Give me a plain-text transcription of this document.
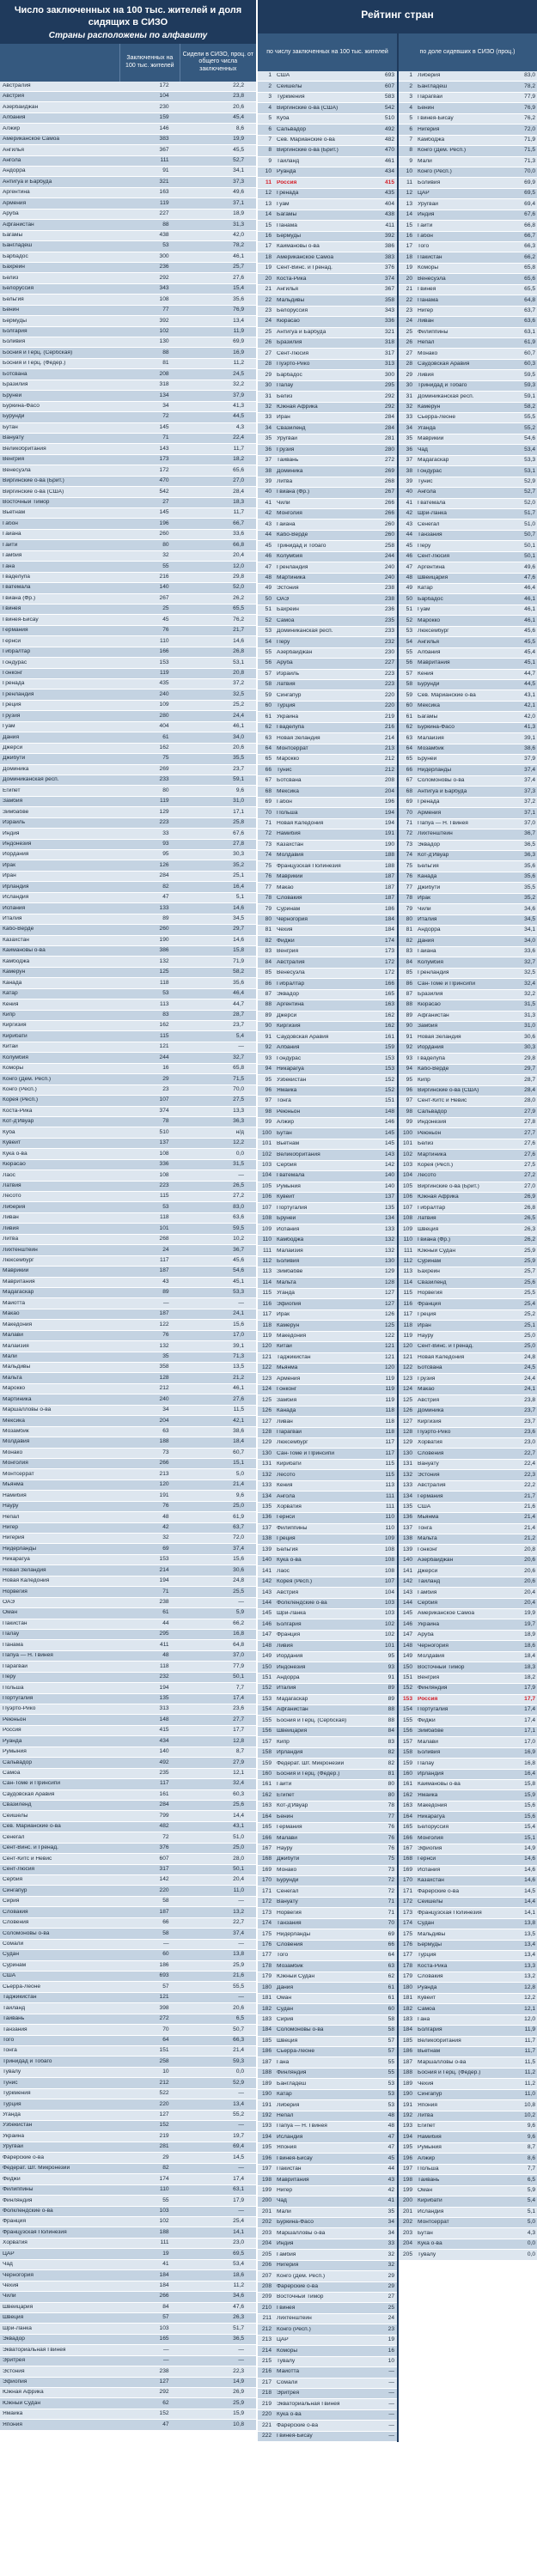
Число заключенных на 100 тыс. жителей и доля сидящих в СИЗО
Страны расположены по алфавиту
Заключенных на 100 тыс. жителей
Сидели в СИЗО, проц. от общего числа заключенных
Австралия	172	22,2
Австрия	104	23,8
Азербайджан	230	20,6
Албания	159	45,4
Алжир	146	8,6
Американское Самоа	383	19,9
Ангилья	367	45,5
Ангола	111	52,7
Андорра	91	34,1
Антигуа и Барбуда	321	37,3
Аргентина	163	49,6
Армения	119	37,1
Аруба	227	18,9
Афганистан	88	31,3
Багамы	438	42,0
Бангладеш	53	78,2
Барбадос	300	46,1
Бахрейн	236	25,7
Белиз	292	27,6
Белоруссия	343	15,4
Бельгия	108	35,6
Бенин	77	76,9
Бермуды	392	13,4
Болгария	102	11,9
Боливия	130	69,9
Босния и Герц. (Сербская)	88	16,9
Босния и Герц. (Федер.)	81	11,2
Ботсвана	208	24,5
Бразилия	318	32,2
Бруней	134	37,9
Буркина-Фасо	34	41,3
Бурунди	72	44,5
Бутан	145	4,3
Вануату	71	22,4
Великобритания	143	11,7
Венгрия	173	18,2
Венесуэла	172	65,6
Виргинские о-ва (Брит.)	470	27,0
Виргинские о-ва (США)	542	28,4
Восточный Тимор	27	18,3
Вьетнам	145	11,7
Габон	196	66,7
Гайана	260	33,6
Гаити	80	66,8
Гамбия	32	20,4
Гана	55	12,0
Гваделупа	216	29,8
Гватемала	140	52,0
Гвиана (Фр.)	267	26,2
Гвинея	25	65,5
Гвинея-Бисау	45	76,2
Германия	76	21,7
Гернси	110	14,6
Гибралтар	166	26,8
Гондурас	153	53,1
Гонконг	119	20,8
Гренада	435	37,2
Гренландия	240	32,5
Греция	109	25,2
Грузия	280	24,4
Гуам	404	46,1
Дания	61	34,0
Джерси	162	20,6
Джибути	75	35,5
Доминика	269	23,7
Доминиканская респ.	233	59,1
Египет	80	9,6
Замбия	119	31,0
Зимбабве	129	17,1
Израиль	223	25,8
Индия	33	67,6
Индонезия	93	27,8
Иордания	95	30,3
Ирак	126	35,2
Иран	284	25,1
Ирландия	82	16,4
Исландия	47	5,1
Испания	133	14,6
Италия	89	34,5
Кабо-Верде	260	29,7
Казахстан	190	14,6
Каймановы о-ва	386	15,8
Камбоджа	132	71,9
Камерун	125	58,2
Канада	118	35,6
Катар	53	46,4
Кения	113	44,7
Кипр	83	28,7
Киргизия	162	23,7
Кирибати	115	5,4
Китай	121	—
Колумбия	244	32,7
Коморы	16	65,8
Конго (Дем. Респ.)	29	71,5
Конго (Респ.)	23	70,0
Корея (Респ.)	107	27,5
Коста-Рика	374	13,3
Кот-д'Ивуар	78	36,3
Куба	510	н/д
Кувейт	137	12,2
Кука о-ва	108	0,0
Кюрасао	336	31,5
Лаос	108	—
Латвия	223	26,5
Лесото	115	27,2
Либерия	53	83,0
Ливан	118	63,6
Ливия	101	59,5
Литва	268	10,2
Лихтенштейн	24	36,7
Люксембург	117	45,6
Маврикий	187	54,6
Мавритания	43	45,1
Мадагаскар	89	53,3
Майотта	—	—
Макао	187	24,1
Македония	122	15,6
Малави	76	17,0
Малайзия	132	39,1
Мали	35	71,3
Мальдивы	358	13,5
Мальта	128	21,2
Марокко	212	46,1
Мартиника	240	27,6
Маршалловы о-ва	34	11,5
Мексика	204	42,1
Мозамбик	63	38,6
Молдавия	188	18,4
Монако	73	60,7
Монголия	266	15,1
Монтсеррат	213	5,0
Мьянма	120	21,4
Намибия	191	9,6
Науру	76	25,0
Непал	48	61,9
Нигер	42	63,7
Нигерия	32	72,0
Нидерланды	69	37,4
Никарагуа	153	15,6
Новая Зеландия	214	30,6
Новая Каледония	194	24,8
Норвегия	71	25,5
ОАЭ	238	—
Оман	61	5,9
Пакистан	44	66,2
Палау	295	16,8
Панама	411	64,8
Папуа — Н. Гвинея	48	37,0
Парагвай	118	77,9
Перу	232	50,1
Польша	194	7,7
Португалия	135	17,4
Пуэрто-Рико	313	23,6
Реюньон	148	27,7
Россия	415	17,7
Руанда	434	12,8
Румыния	140	8,7
Сальвадор	492	27,9
Самоа	235	12,1
Сан-Томе и Принсипи	117	32,4
Саудовская Аравия	161	60,3
Свазиленд	284	25,6
Сейшелы	799	14,4
Сев. Марианские о-ва	482	43,1
Сенегал	72	51,0
Сент-Винс. и Гренад.	376	25,0
Сент-Китс и Невис	607	28,0
Сент-Люсия	317	50,1
Сербия	142	20,4
Сингапур	220	11,0
Сирия	58	—
Словакия	187	13,2
Словения	66	22,7
Соломоновы о-ва	58	37,4
Сомали	—	—
Судан	60	13,8
Суринам	186	25,9
США	693	21,6
Сьерра-Леоне	57	55,5
Таджикистан	121	—
Таиланд	398	20,6
Тайвань	272	6,5
Танзания	70	50,7
Того	64	66,3
Тонга	151	21,4
Тринидад и Тобаго	258	59,3
Тувалу	10	0,0
Тунис	212	52,9
Туркмения	522	—
Турция	220	13,4
Уганда	127	55,2
Узбекистан	152	—
Украина	219	19,7
Уругвай	281	69,4
Фарерские о-ва	29	14,5
Федерат. Шт. Микронезии	82	—
Фиджи	174	17,4
Филиппины	110	63,1
Финляндия	55	17,9
Фолклендские о-ва	103	—
Франция	102	25,4
Французская Полинезия	188	14,1
Хорватия	111	23,0
ЦАР	19	69,5
Чад	41	53,4
Черногория	184	18,6
Чехия	184	11,2
Чили	266	34,6
Швейцария	84	47,6
Швеция	57	26,3
Шри-Ланка	103	51,7
Эквадор	165	36,5
Экваториальная Гвинея	—	—
Эритрея	—	—
Эстония	238	22,3
Эфиопия	127	14,9
Южная Африка	292	26,9
Южный Судан	62	25,9
Ямайка	152	15,9
Япония	47	10,8
Рейтинг стран
по числу заключенных на 100 тыс. жителей	по доле сидевших в СИЗО (проц.)
1 США	693
2 Сейшелы	607
3 Туркмения	583
4 Виргинские о-ва (США)	542
5 Куба	510
6 Сальвадор	492
7 Сев. Марианские о-ва	482
8 Виргинские о-ва (Брит.)	470
9 Таиланд	461
10 Руанда	434
11 Россия	415
12 Гренада	435
13 Гуам	404
14 Багамы	438
15 Панама	411
16 Бермуды	392
17 Каймановы о-ва	386
18 Американское Самоа	383
19 Сент-Винс. и Гренад.	376
20 Коста-Рика	374
21 Ангилья	367
22 Мальдивы	358
23 Белоруссия	343
24 Кюрасао	336
25 Антигуа и Барбуда	321
26 Бразилия	318
27 Сент-Люсия	317
28 Пуэрто-Рико	313
29 Барбадос	300
30 Палау	295
31 Белиз	292
32 Южная Африка	292
33 Иран	284
34 Свазиленд	284
35 Уругвай	281
36 Грузия	280
37 Тайвань	272
38 Доминика	269
39 Литва	268
40 Гвиана (Фр.)	267
41 Чили	266
42 Монголия	266
43 Гайана	260
44 Кабо-Верде	260
45 Тринидад и Тобаго	258
46 Колумбия	244
47 Гренландия	240
48 Мартиника	240
49 Эстония	238
50 ОАЭ	238
51 Бахрейн	236
52 Самоа	235
53 Доминиканская респ.	233
54 Перу	232
55 Азербайджан	230
56 Аруба	227
57 Израиль	223
58 Латвия	223
59 Сингапур	220
60 Турция	220
61 Украина	219
62 Гваделупа	216
63 Новая Зеландия	214
64 Монтсеррат	213
65 Марокко	212
66 Тунис	212
67 Ботсвана	208
68 Мексика	204
69 Габон	196
70 Польша	194
71 Новая Каледония	194
72 Намибия	191
73 Казахстан	190
74 Молдавия	188
75 Французская Полинезия	188
76 Маврикий	187
77 Макао	187
78 Словакия	187
79 Суринам	186
80 Черногория	184
81 Чехия	184
82 Фиджи	174
83 Венгрия	173
84 Австралия	172
85 Венесуэла	172
86 Гибралтар	166
87 Эквадор	165
88 Аргентина	163
89 Джерси	162
90 Киргизия	162
91 Саудовская Аравия	161
92 Албания	159
93 Гондурас	153
94 Никарагуа	153
95 Узбекистан	152
96 Ямайка	152
97 Тонга	151
98 Реюньон	148
99 Алжир	146
100 Бутан	145
101 Вьетнам	145
102 Великобритания	143
103 Сербия	142
104 Гватемала	140
105 Румыния	140
106 Кувейт	137
107 Португалия	135
108 Бруней	134
109 Испания	133
110 Камбоджа	132
111 Малайзия	132
112 Боливия	130
113 Зимбабве	129
114 Мальта	128
115 Уганда	127
116 Эфиопия	127
117 Ирак	126
118 Камерун	125
119 Македония	122
120 Китай	121
121 Таджикистан	121
122 Мьянма	120
123 Армения	119
124 Гонконг	119
125 Замбия	119
126 Канада	118
127 Ливан	118
128 Парагвай	118
129 Люксембург	117
130 Сан-Томе и Принсипи	117
131 Кирибати	115
132 Лесото	115
133 Кения	113
134 Ангола	111
135 Хорватия	111
136 Гернси	110
137 Филиппины	110
138 Греция	109
139 Бельгия	108
140 Кука о-ва	108
141 Лаос	108
142 Корея (Респ.)	107
143 Австрия	104
144 Фолклендские о-ва	103
145 Шри-Ланка	103
146 Болгария	102
147 Франция	102
148 Ливия	101
149 Иордания	95
150 Индонезия	93
151 Андорра	91
152 Италия	89
153 Мадагаскар	89
154 Афганистан	88
155 Босния и Герц. (Сербская)	88
156 Швейцария	84
157 Кипр	83
158 Ирландия	82
159 Федерат. Шт. Микронезии	82
160 Босния и Герц. (Федер.)	81
161 Гаити	80
162 Египет	80
163 Кот-д'Ивуар	78
164 Бенин	77
165 Германия	76
166 Малави	76
167 Науру	76
168 Джибути	75
169 Монако	73
170 Бурунди	72
171 Сенегал	72
172 Вануату	71
173 Норвегия	71
174 Танзания	70
175 Нидерланды	69
176 Словения	66
177 Того	64
178 Мозамбик	63
179 Южный Судан	62
180 Дания	61
181 Оман	61
182 Судан	60
183 Сирия	58
184 Соломоновы о-ва	58
185 Швеция	57
186 Сьерра-Леоне	57
187 Гана	55
188 Финляндия	55
189 Бангладеш	53
190 Катар	53
191 Либерия	53
192 Непал	48
193 Папуа — Н. Гвинея	48
194 Исландия	47
195 Япония	47
196 Гвинея-Бисау	45
197 Пакистан	44
198 Мавритания	43
199 Нигер	42
200 Чад	41
201 Мали	35
202 Буркина-Фасо	34
203 Маршалловы о-ва	34
204 Индия	33
205 Гамбия	32
206 Нигерия	32
207 Конго (Дем. Респ.)	29
208 Фарерские о-ва	29
209 Восточный Тимор	27
210 Гвинея	25
211 Лихтенштейн	24
212 Конго (Респ.)	23
213 ЦАР	19
214 Коморы	16
215 Тувалу	10
216 Майотта	—
217 Сомали	—
218 Эритрея	—
219 Экваториальная Гвинея	—
220 Кука о-ва	—
221 Фарерские о-ва	—
222 Гвинея-Бисау	—
1 Либерия	83,0
2 Бангладеш	78,2
3 Парагвай	77,9
4 Бенин	76,9
5 Гвинея-Бисау	76,2
6 Нигерия	72,0
7 Камбоджа	71,9
8 Конго (Дем. Респ.)	71,5
9 Мали	71,3
10 Конго (Респ.)	70,0
11 Боливия	69,9
12 ЦАР	69,5
13 Уругвай	69,4
14 Индия	67,6
15 Гаити	66,8
16 Габон	66,7
17 Того	66,3
18 Пакистан	66,2
19 Коморы	65,8
20 Венесуэла	65,6
21 Гвинея	65,5
22 Панама	64,8
23 Нигер	63,7
24 Ливан	63,6
25 Филиппины	63,1
26 Непал	61,9
27 Монако	60,7
28 Саудовская Аравия	60,3
29 Ливия	59,5
30 Тринидад и Тобаго	59,3
31 Доминиканская респ.	59,1
32 Камерун	58,2
33 Сьерра-Леоне	55,5
34 Уганда	55,2
35 Маврикий	54,6
36 Чад	53,4
37 Мадагаскар	53,3
38 Гондурас	53,1
39 Тунис	52,9
40 Ангола	52,7
41 Гватемала	52,0
42 Шри-Ланка	51,7
43 Сенегал	51,0
44 Танзания	50,7
45 Перу	50,1
46 Сент-Люсия	50,1
47 Аргентина	49,6
48 Швейцария	47,6
49 Катар	46,4
50 Барбадос	46,1
51 Гуам	46,1
52 Марокко	46,1
53 Люксембург	45,6
54 Ангилья	45,5
55 Албания	45,4
56 Мавритания	45,1
57 Кения	44,7
58 Бурунди	44,5
59 Сев. Марианские о-ва	43,1
60 Мексика	42,1
61 Багамы	42,0
62 Буркина-Фасо	41,3
63 Малайзия	39,1
64 Мозамбик	38,6
65 Бруней	37,9
66 Нидерланды	37,4
67 Соломоновы о-ва	37,4
68 Антигуа и Барбуда	37,3
69 Гренада	37,2
70 Армения	37,1
71 Папуа — Н. Гвинея	37,0
72 Лихтенштейн	36,7
73 Эквадор	36,5
74 Кот-д'Ивуар	36,3
75 Бельгия	35,6
76 Канада	35,6
77 Джибути	35,5
78 Ирак	35,2
79 Чили	34,6
80 Италия	34,5
81 Андорра	34,1
82 Дания	34,0
83 Гайана	33,6
84 Колумбия	32,7
85 Гренландия	32,5
86 Сан-Томе и Принсипи	32,4
87 Бразилия	32,2
88 Кюрасао	31,5
89 Афганистан	31,3
90 Замбия	31,0
91 Новая Зеландия	30,6
92 Иордания	30,3
93 Гваделупа	29,8
94 Кабо-Верде	29,7
95 Кипр	28,7
96 Виргинские о-ва (США)	28,4
97 Сент-Китс и Невис	28,0
98 Сальвадор	27,9
99 Индонезия	27,8
100 Реюньон	27,7
101 Белиз	27,6
102 Мартиника	27,6
103 Корея (Респ.)	27,5
104 Лесото	27,2
105 Виргинские о-ва (Брит.)	27,0
106 Южная Африка	26,9
107 Гибралтар	26,8
108 Латвия	26,5
109 Швеция	26,3
110 Гвиана (Фр.)	26,2
111 Южный Судан	25,9
112 Суринам	25,9
113 Бахрейн	25,7
114 Свазиленд	25,6
115 Норвегия	25,5
116 Франция	25,4
117 Греция	25,2
118 Иран	25,1
119 Науру	25,0
120 Сент-Винс. и Гренад.	25,0
121 Новая Каледония	24,8
122 Ботсвана	24,5
123 Грузия	24,4
124 Макао	24,1
125 Австрия	23,8
126 Доминика	23,7
127 Киргизия	23,7
128 Пуэрто-Рико	23,6
129 Хорватия	23,0
130 Словения	22,7
131 Вануату	22,4
132 Эстония	22,3
133 Австралия	22,2
134 Германия	21,7
135 США	21,6
136 Мьянма	21,4
137 Тонга	21,4
138 Мальта	21,2
139 Гонконг	20,8
140 Азербайджан	20,6
141 Джерси	20,6
142 Таиланд	20,6
143 Гамбия	20,4
144 Сербия	20,4
145 Американское Самоа	19,9
146 Украина	19,7
147 Аруба	18,9
148 Черногория	18,6
149 Молдавия	18,4
150 Восточный Тимор	18,3
151 Венгрия	18,2
152 Финляндия	17,9
153 Россия	17,7
154 Португалия	17,4
155 Фиджи	17,4
156 Зимбабве	17,1
157 Малави	17,0
158 Боливия	16,9
159 Палау	16,8
160 Ирландия	16,4
161 Каймановы о-ва	15,8
162 Ямайка	15,9
163 Македония	15,6
164 Никарагуа	15,6
165 Белоруссия	15,4
166 Монголия	15,1
167 Эфиопия	14,9
168 Гернси	14,6
169 Испания	14,6
170 Казахстан	14,6
171 Фарерские о-ва	14,5
172 Сейшелы	14,4
173 Французская Полинезия	14,1
174 Судан	13,8
175 Мальдивы	13,5
176 Бермуды	13,4
177 Турция	13,4
178 Коста-Рика	13,3
179 Словакия	13,2
180 Руанда	12,8
181 Кувейт	12,2
182 Самоа	12,1
183 Гана	12,0
184 Болгария	11,9
185 Великобритания	11,7
186 Вьетнам	11,7
187 Маршалловы о-ва	11,5
188 Босния и Герц. (Федер.)	11,2
189 Чехия	11,2
190 Сингапур	11,0
191 Япония	10,8
192 Литва	10,2
193 Египет	9,6
194 Намибия	9,6
195 Румыния	8,7
196 Алжир	8,6
197 Польша	7,7
198 Тайвань	6,5
199 Оман	5,9
200 Кирибати	5,4
201 Исландия	5,1
202 Монтсеррат	5,0
203 Бутан	4,3
204 Кука о-ва	0,0
205 Тувалу	0,0
